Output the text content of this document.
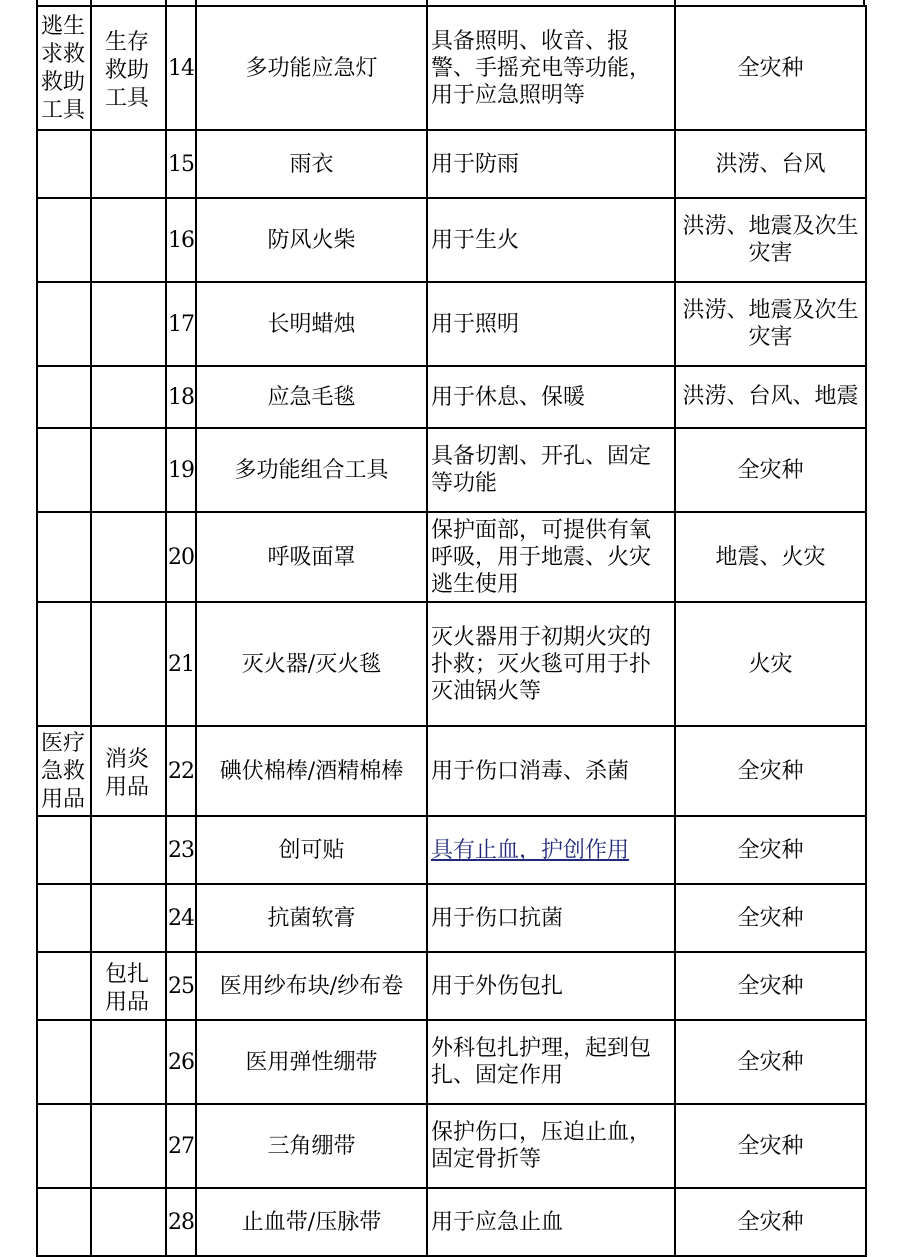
逃生求救救助工具	生存救助工具	14	多功能应急灯	具备照明、收音、报警、手摇充电等功能，用于应急照明等	全灾种
		15	雨衣	用于防雨	洪涝、台风
		16	防风火柴	用于生火	洪涝、地震及次生灾害
		17	长明蜡烛	用于照明	洪涝、地震及次生灾害
		18	应急毛毯	用于休息、保暖	洪涝、台风、地震
		19	多功能组合工具	具备切割、开孔、固定等功能	全灾种
		20	呼吸面罩	保护面部，可提供有氧呼吸，用于地震、火灾逃生使用	地震、火灾
		21	灭火器/灭火毯	灭火器用于初期火灾的扑救；灭火毯可用于扑灭油锅火等	火灾
医疗急救用品	消炎用品	22	碘伏棉棒/酒精棉棒	用于伤口消毒、杀菌	全灾种
		23	创可贴	具有止血，护创作用	全灾种
		24	抗菌软膏	用于伤口抗菌	全灾种
	包扎用品	25	医用纱布块/纱布卷	用于外伤包扎	全灾种
		26	医用弹性绷带	外科包扎护理，起到包扎、固定作用	全灾种
		27	三角绷带	保护伤口，压迫止血，固定骨折等	全灾种
		28	止血带/压脉带	用于应急止血	全灾种
